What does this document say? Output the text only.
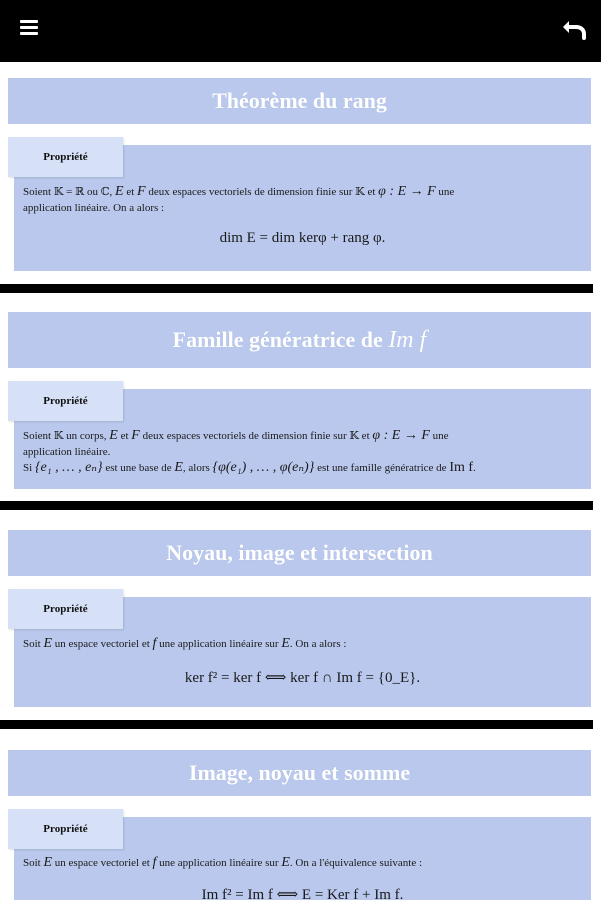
Théorème du rang
Propriété
Soient 𝕂 = ℝ ou ℂ, E et F deux espaces vectoriels de dimension finie sur 𝕂 et φ : E → F une
application linéaire. On a alors :
dim E = dim kerφ + rang φ.
Famille génératrice de Im f
Propriété
Soient 𝕂 un corps, E et F deux espaces vectoriels de dimension finie sur 𝕂 et φ : E → F une
application linéaire.
Si {e₁ , … , eₙ} est une base de E, alors {φ(e₁) , … , φ(eₙ)} est une famille génératrice de Im f.
Noyau, image et intersection
Propriété
Soit E un espace vectoriel et f une application linéaire sur E. On a alors :
ker f² = ker f ⟺ ker f ∩ Im f = {0_E}.
Image, noyau et somme
Propriété
Soit E un espace vectoriel et f une application linéaire sur E. On a l'équivalence suivante :
Im f² = Im f ⟺ E = Ker f + Im f.
